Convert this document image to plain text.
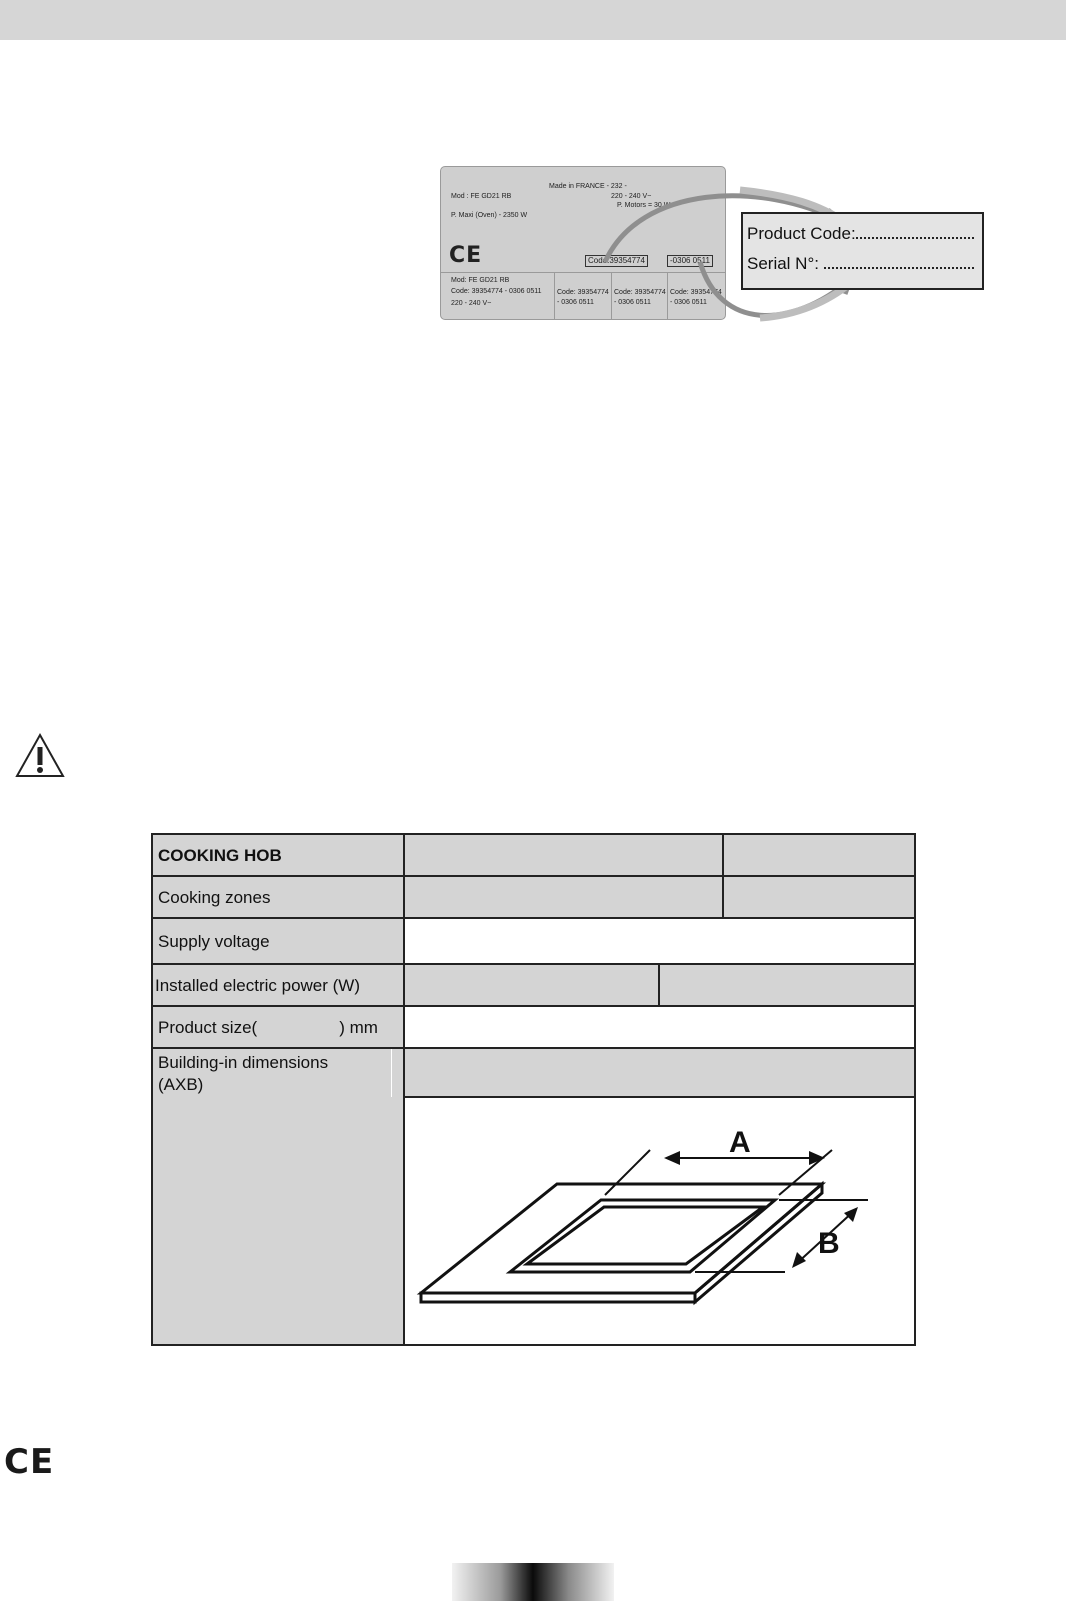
Made in FRANCE - 232 -
Mod : FE GD21 RB	220 - 240 V~
P. Motors = 30 W
P. Maxi (Oven) - 2350 W
CE	Code:39354774	-0306 0511
Mod: FE GD21 RB
Code: 39354774 - 0306 0511
220 - 240 V~
Code: 39354774
- 0306 0511
Code: 39354774
- 0306 0511
Code: 39354774
- 0306 0511
Product Code:
Serial N°:
COOKING HOB
Cooking zones
Supply voltage
Installed electric power (W)
Product size(	) mm
Building-in dimensions
(AXB)
A
B
CE
